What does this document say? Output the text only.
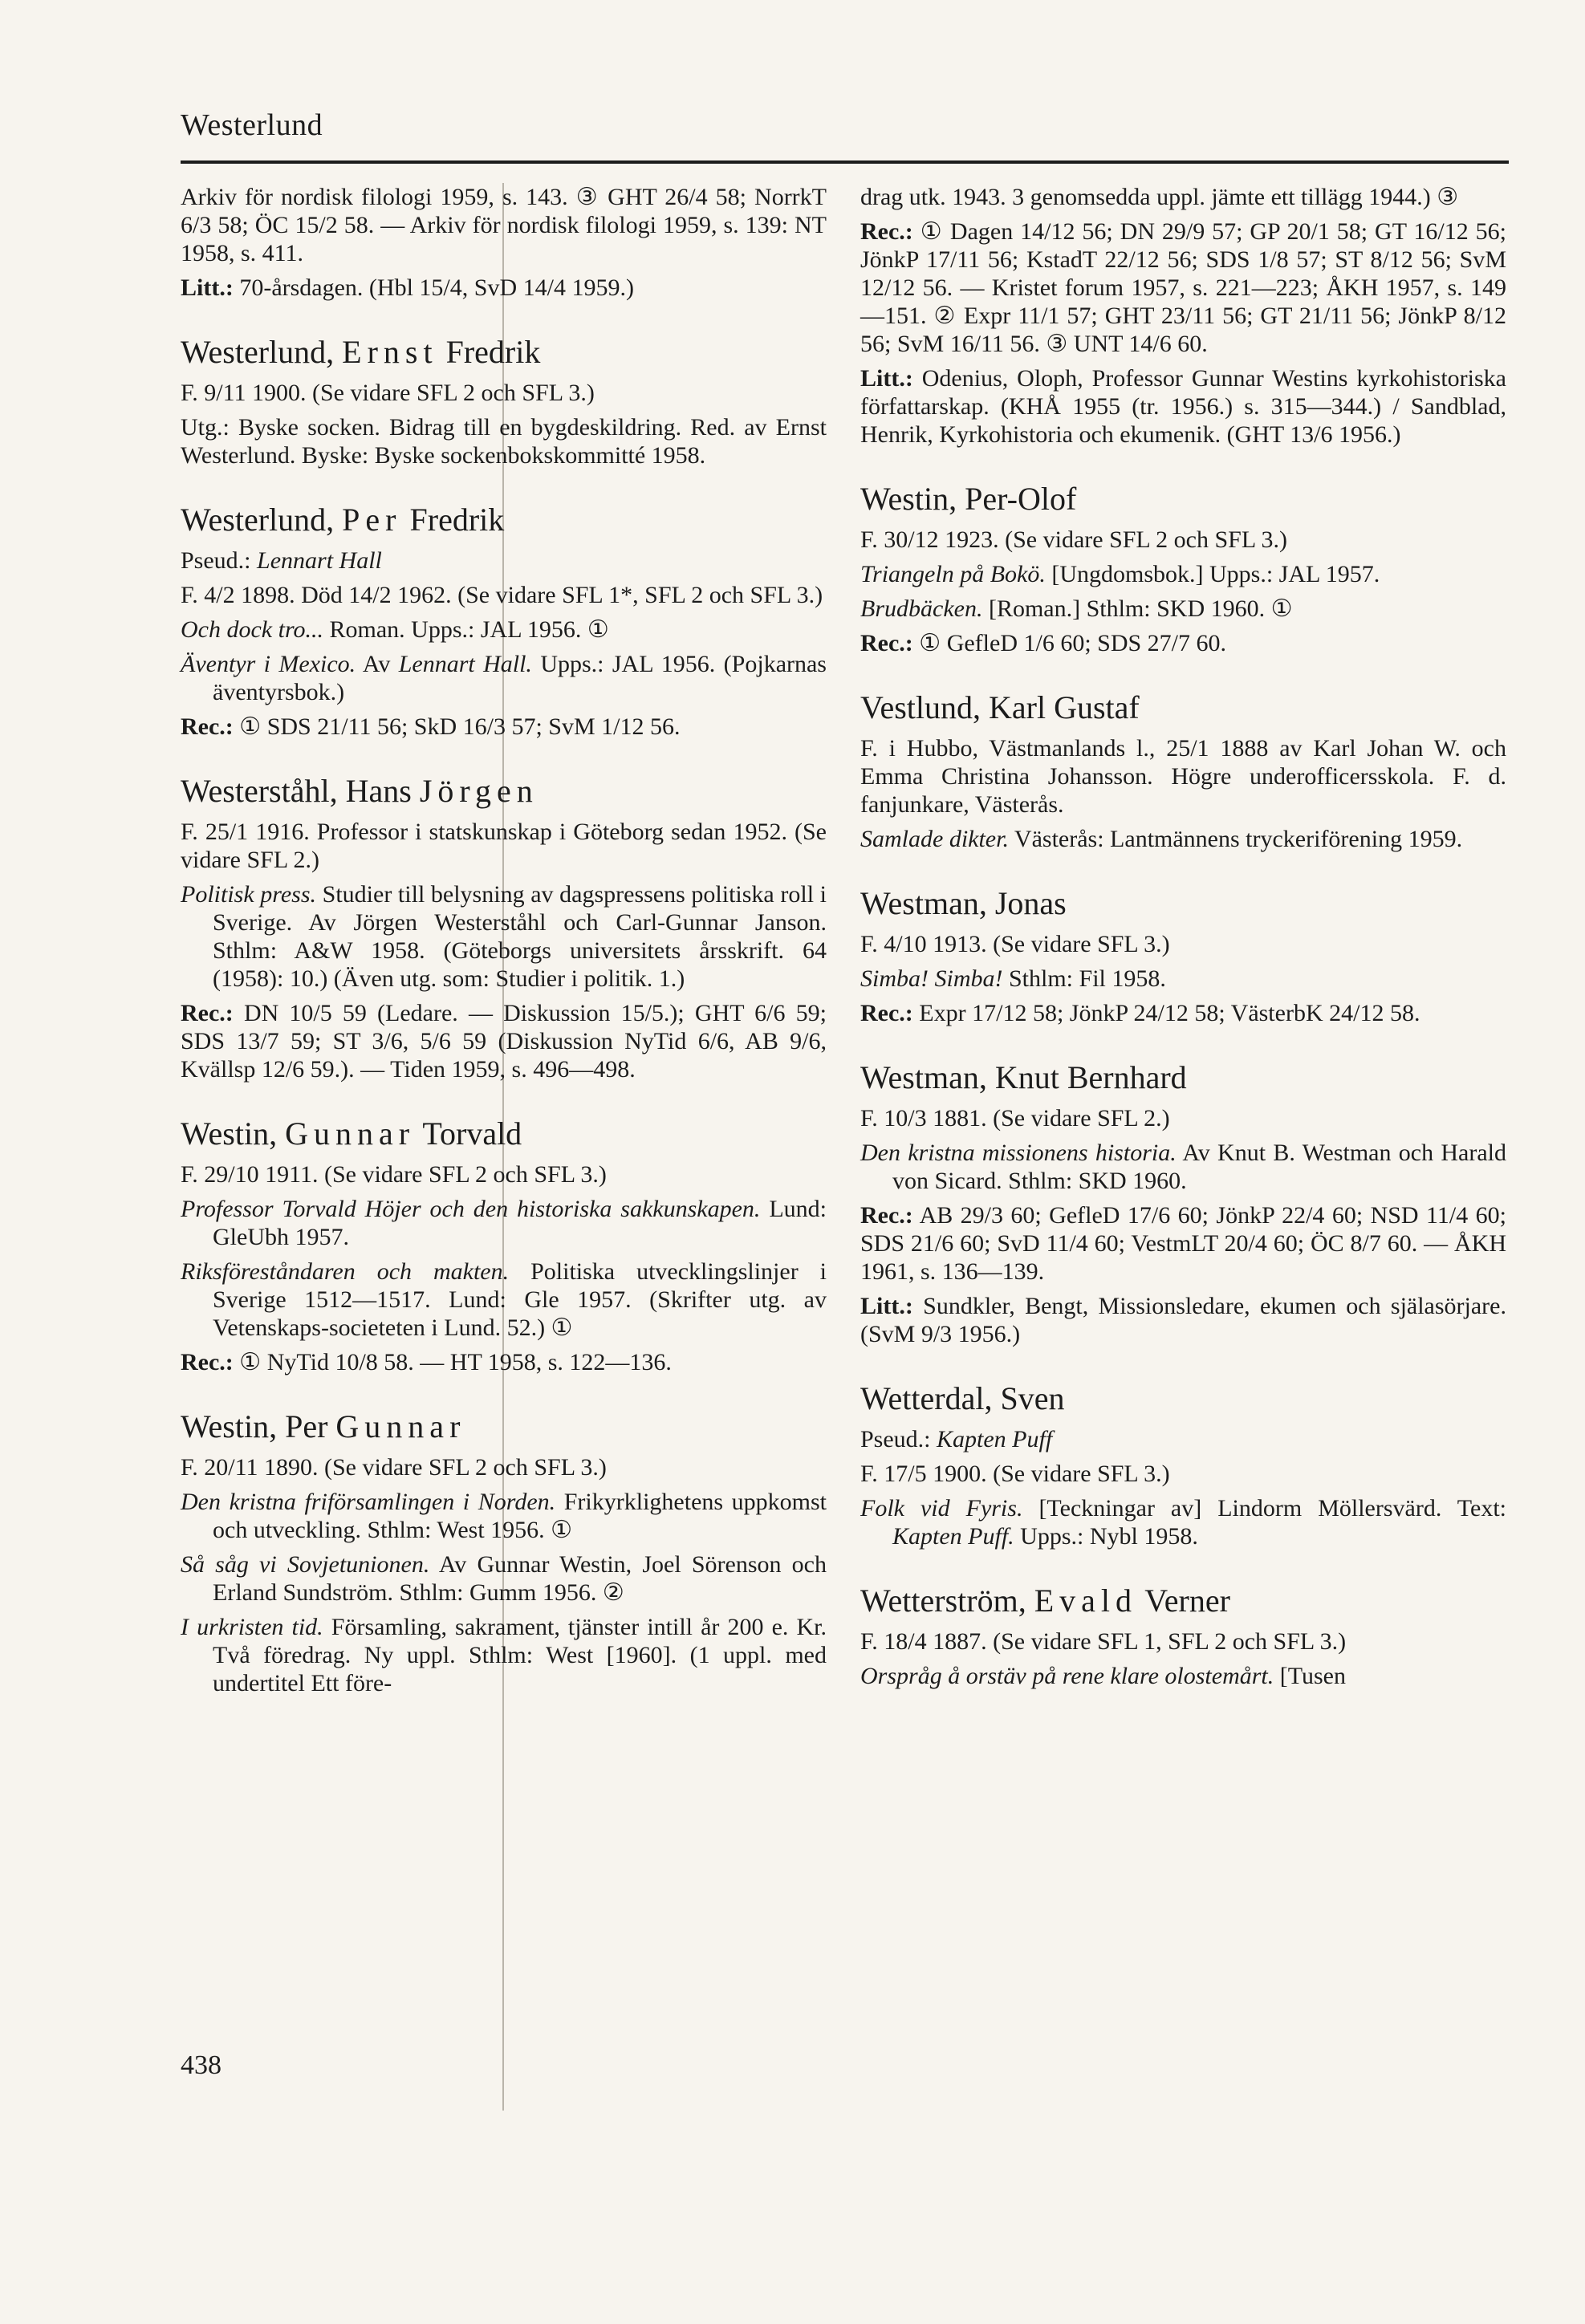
Westerlund
Arkiv för nordisk filologi 1959, s. 143. ③ GHT 26/4 58; NorrkT 6/3 58; ÖC 15/2 58. — Arkiv för nordisk filologi 1959, s. 139: NT 1958, s. 411.
Litt.: 70-årsdagen. (Hbl 15/4, SvD 14/4 1959.)
Westerlund, Ernst Fredrik
F. 9/11 1900. (Se vidare SFL 2 och SFL 3.)
Utg.: Byske socken. Bidrag till en bygdeskildring. Red. av Ernst Westerlund. Byske: Byske sockenbokskommitté 1958.
Westerlund, Per Fredrik
Pseud.: Lennart Hall
F. 4/2 1898. Död 14/2 1962. (Se vidare SFL 1*, SFL 2 och SFL 3.)
Och dock tro... Roman. Upps.: JAL 1956. ①
Äventyr i Mexico. Av Lennart Hall. Upps.: JAL 1956. (Pojkarnas äventyrsbok.)
Rec.: ① SDS 21/11 56; SkD 16/3 57; SvM 1/12 56.
Westerståhl, Hans Jörgen
F. 25/1 1916. Professor i statskunskap i Göteborg sedan 1952. (Se vidare SFL 2.)
Politisk press. Studier till belysning av dagspressens politiska roll i Sverige. Av Jörgen Westerståhl och Carl-Gunnar Janson. Sthlm: A&W 1958. (Göteborgs universitets årsskrift. 64 (1958): 10.) (Även utg. som: Studier i politik. 1.)
Rec.: DN 10/5 59 (Ledare. — Diskussion 15/5.); GHT 6/6 59; SDS 13/7 59; ST 3/6, 5/6 59 (Diskussion NyTid 6/6, AB 9/6, Kvällsp 12/6 59.). — Tiden 1959, s. 496—498.
Westin, Gunnar Torvald
F. 29/10 1911. (Se vidare SFL 2 och SFL 3.)
Professor Torvald Höjer och den historiska sakkunskapen. Lund: GleUbh 1957.
Riksföreståndaren och makten. Politiska utvecklingslinjer i Sverige 1512—1517. Lund: Gle 1957. (Skrifter utg. av Vetenskaps-societeten i Lund. 52.) ①
Rec.: ① NyTid 10/8 58. — HT 1958, s. 122—136.
Westin, Per Gunnar
F. 20/11 1890. (Se vidare SFL 2 och SFL 3.)
Den kristna friförsamlingen i Norden. Frikyrklighetens uppkomst och utveckling. Sthlm: West 1956. ①
Så såg vi Sovjetunionen. Av Gunnar Westin, Joel Sörenson och Erland Sundström. Sthlm: Gumm 1956. ②
I urkristen tid. Församling, sakrament, tjänster intill år 200 e. Kr. Två föredrag. Ny uppl. Sthlm: West [1960]. (1 uppl. med undertitel Ett före-
drag utk. 1943. 3 genomsedda uppl. jämte ett tillägg 1944.) ③
Rec.: ① Dagen 14/12 56; DN 29/9 57; GP 20/1 58; GT 16/12 56; JönkP 17/11 56; KstadT 22/12 56; SDS 1/8 57; ST 8/12 56; SvM 12/12 56. — Kristet forum 1957, s. 221—223; ÅKH 1957, s. 149—151. ② Expr 11/1 57; GHT 23/11 56; GT 21/11 56; JönkP 8/12 56; SvM 16/11 56. ③ UNT 14/6 60.
Litt.: Odenius, Oloph, Professor Gunnar Westins kyrkohistoriska författarskap. (KHÅ 1955 (tr. 1956.) s. 315—344.) / Sandblad, Henrik, Kyrkohistoria och ekumenik. (GHT 13/6 1956.)
Westin, Per-Olof
F. 30/12 1923. (Se vidare SFL 2 och SFL 3.)
Triangeln på Bokö. [Ungdomsbok.] Upps.: JAL 1957.
Brudbäcken. [Roman.] Sthlm: SKD 1960. ①
Rec.: ① GefleD 1/6 60; SDS 27/7 60.
Vestlund, Karl Gustaf
F. i Hubbo, Västmanlands l., 25/1 1888 av Karl Johan W. och Emma Christina Johansson. Högre underofficersskola. F. d. fanjunkare, Västerås.
Samlade dikter. Västerås: Lantmännens tryckeriförening 1959.
Westman, Jonas
F. 4/10 1913. (Se vidare SFL 3.)
Simba! Simba! Sthlm: Fil 1958.
Rec.: Expr 17/12 58; JönkP 24/12 58; VästerbK 24/12 58.
Westman, Knut Bernhard
F. 10/3 1881. (Se vidare SFL 2.)
Den kristna missionens historia. Av Knut B. Westman och Harald von Sicard. Sthlm: SKD 1960.
Rec.: AB 29/3 60; GefleD 17/6 60; JönkP 22/4 60; NSD 11/4 60; SDS 21/6 60; SvD 11/4 60; VestmLT 20/4 60; ÖC 8/7 60. — ÅKH 1961, s. 136—139.
Litt.: Sundkler, Bengt, Missionsledare, ekumen och själasörjare. (SvM 9/3 1956.)
Wetterdal, Sven
Pseud.: Kapten Puff
F. 17/5 1900. (Se vidare SFL 3.)
Folk vid Fyris. [Teckningar av] Lindorm Möllersvärd. Text: Kapten Puff. Upps.: Nybl 1958.
Wetterström, Evald Verner
F. 18/4 1887. (Se vidare SFL 1, SFL 2 och SFL 3.)
Orspråg å orstäv på rene klare olostemårt. [Tusen
438
